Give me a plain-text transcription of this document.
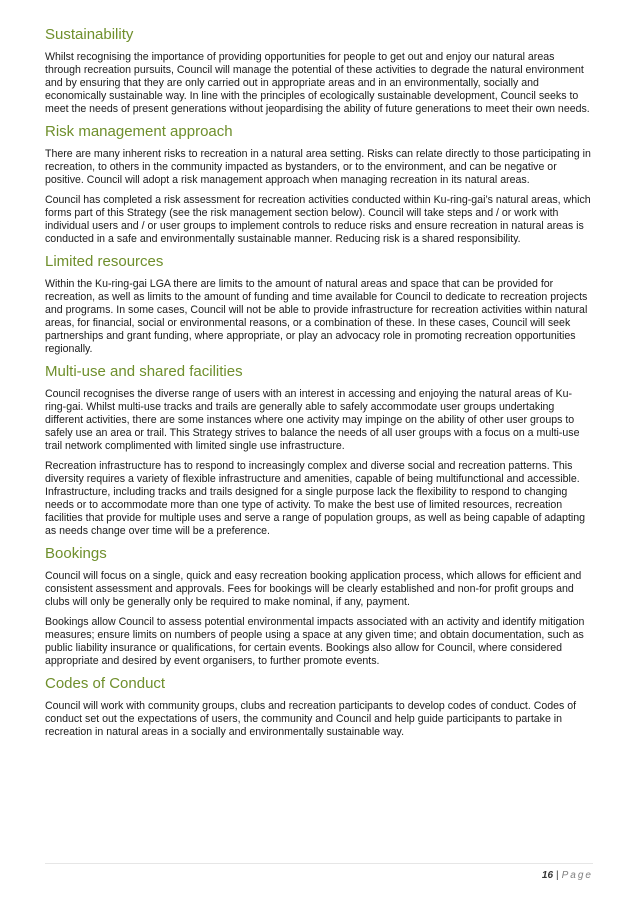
Sustainability

Whilst recognising the importance of providing opportunities for people to get out and enjoy our natural areas through recreation pursuits, Council will manage the potential of these activities to degrade the natural environment and by ensuring that they are only carried out in appropriate areas and in an environmentally, socially and economically sustainable way. In line with the principles of ecologically sustainable development, Council seeks to meet the needs of present generations without jeopardising the ability of future generations to meet their own needs.

Risk management approach

There are many inherent risks to recreation in a natural area setting. Risks can relate directly to those participating in recreation, to others in the community impacted as bystanders, or to the environment, and can be negative or positive. Council will adopt a risk management approach when managing recreation in its natural areas.

Council has completed a risk assessment for recreation activities conducted within Ku-ring-gai’s natural areas, which forms part of this Strategy (see the risk management section below). Council will take steps and / or work with individual users and / or user groups to implement controls to reduce risks and ensure recreation in natural areas is conducted in a safe and environmentally sustainable manner. Reducing risk is a shared responsibility.

Limited resources

Within the Ku-ring-gai LGA there are limits to the amount of natural areas and space that can be provided for recreation, as well as limits to the amount of funding and time available for Council to dedicate to recreation projects and programs. In some cases, Council will not be able to provide infrastructure for recreation activities within natural areas, for financial, social or environmental reasons, or a combination of these. In these cases, Council will seek partnerships and grant funding, where appropriate, or play an advocacy role in promoting recreation opportunities regionally.

Multi-use and shared facilities

Council recognises the diverse range of users with an interest in accessing and enjoying the natural areas of Ku-ring-gai. Whilst multi-use tracks and trails are generally able to safely accommodate user groups undertaking different activities, there are some instances where one activity may impinge on the ability of other user groups to safely use an area or trail. This Strategy strives to balance the needs of all user groups with a focus on a multi-use trail network complimented with limited single use infrastructure.

Recreation infrastructure has to respond to increasingly complex and diverse social and recreation patterns. This diversity requires a variety of flexible infrastructure and amenities, capable of being multifunctional and accessible. Infrastructure, including tracks and trails designed for a single purpose lack the flexibility to respond to changing needs or to accommodate more than one type of activity. To make the best use of limited resources, recreation facilities that provide for multiple uses and serve a range of population groups, as well as being capable of adapting as needs change over time will be a preference.

Bookings

Council will focus on a single, quick and easy recreation booking application process, which allows for efficient and consistent assessment and approvals. Fees for bookings will be clearly established and non-for profit groups and clubs will only be generally only be required to make nominal, if any, payment.

Bookings allow Council to assess potential environmental impacts associated with an activity and identify mitigation measures; ensure limits on numbers of people using a space at any given time; and obtain documentation, such as public liability insurance or qualifications, for certain events. Bookings also allow for Council, where considered appropriate and desired by event organisers, to further promote events.

Codes of Conduct

Council will work with community groups, clubs and recreation participants to develop codes of conduct. Codes of conduct set out the expectations of users, the community and Council and help guide participants to partake in recreation in natural areas in a socially and environmentally sustainable way.

16 | Page
